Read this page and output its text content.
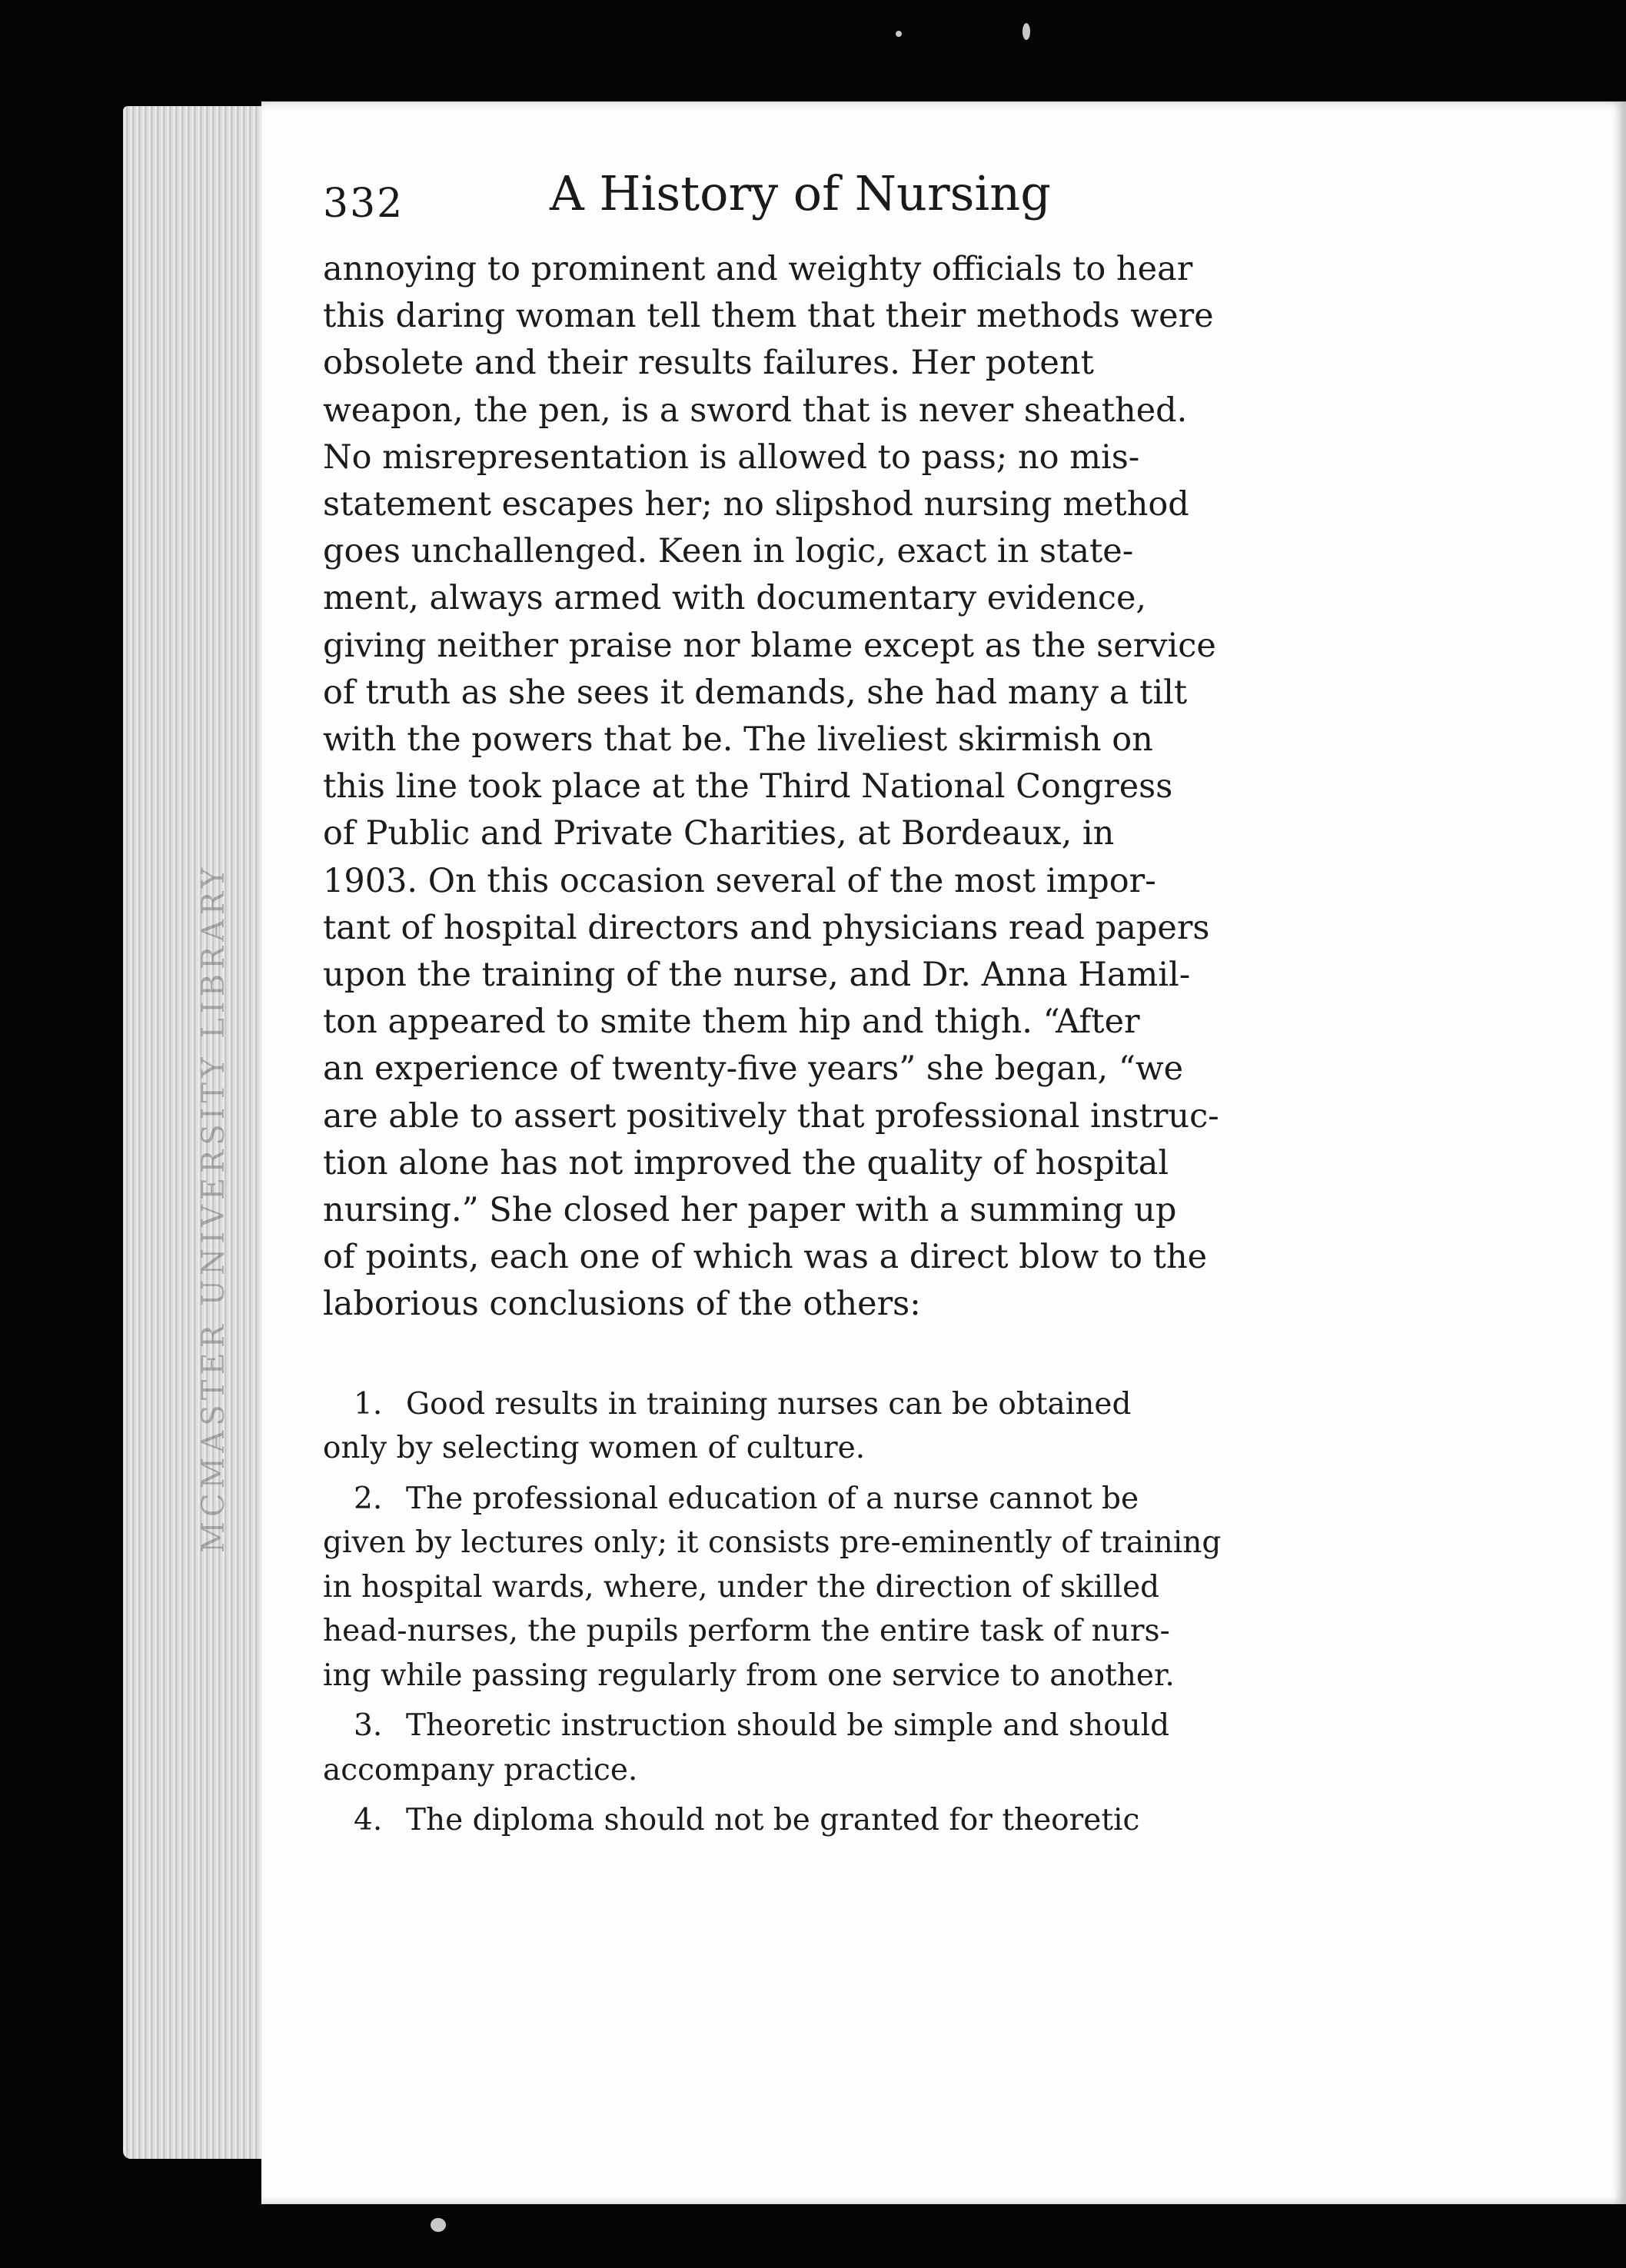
MCMASTER UNIVERSITY LIBRARY
332	A History of Nursing

annoying to prominent and weighty officials to hear
this daring woman tell them that their methods were
obsolete and their results failures. Her potent
weapon, the pen, is a sword that is never sheathed.
No misrepresentation is allowed to pass; no mis-
statement escapes her; no slipshod nursing method
goes unchallenged. Keen in logic, exact in state-
ment, always armed with documentary evidence,
giving neither praise nor blame except as the service
of truth as she sees it demands, she had many a tilt
with the powers that be. The liveliest skirmish on
this line took place at the Third National Congress
of Public and Private Charities, at Bordeaux, in
1903. On this occasion several of the most impor-
tant of hospital directors and physicians read papers
upon the training of the nurse, and Dr. Anna Hamil-
ton appeared to smite them hip and thigh. “After
an experience of twenty-five years” she began, “we
are able to assert positively that professional instruc-
tion alone has not improved the quality of hospital
nursing.” She closed her paper with a summing up
of points, each one of which was a direct blow to the
laborious conclusions of the others:

1. Good results in training nurses can be obtained
only by selecting women of culture.
2. The professional education of a nurse cannot be
given by lectures only; it consists pre-eminently of training
in hospital wards, where, under the direction of skilled
head-nurses, the pupils perform the entire task of nurs-
ing while passing regularly from one service to another.
3. Theoretic instruction should be simple and should
accompany practice.
4. The diploma should not be granted for theoretic
